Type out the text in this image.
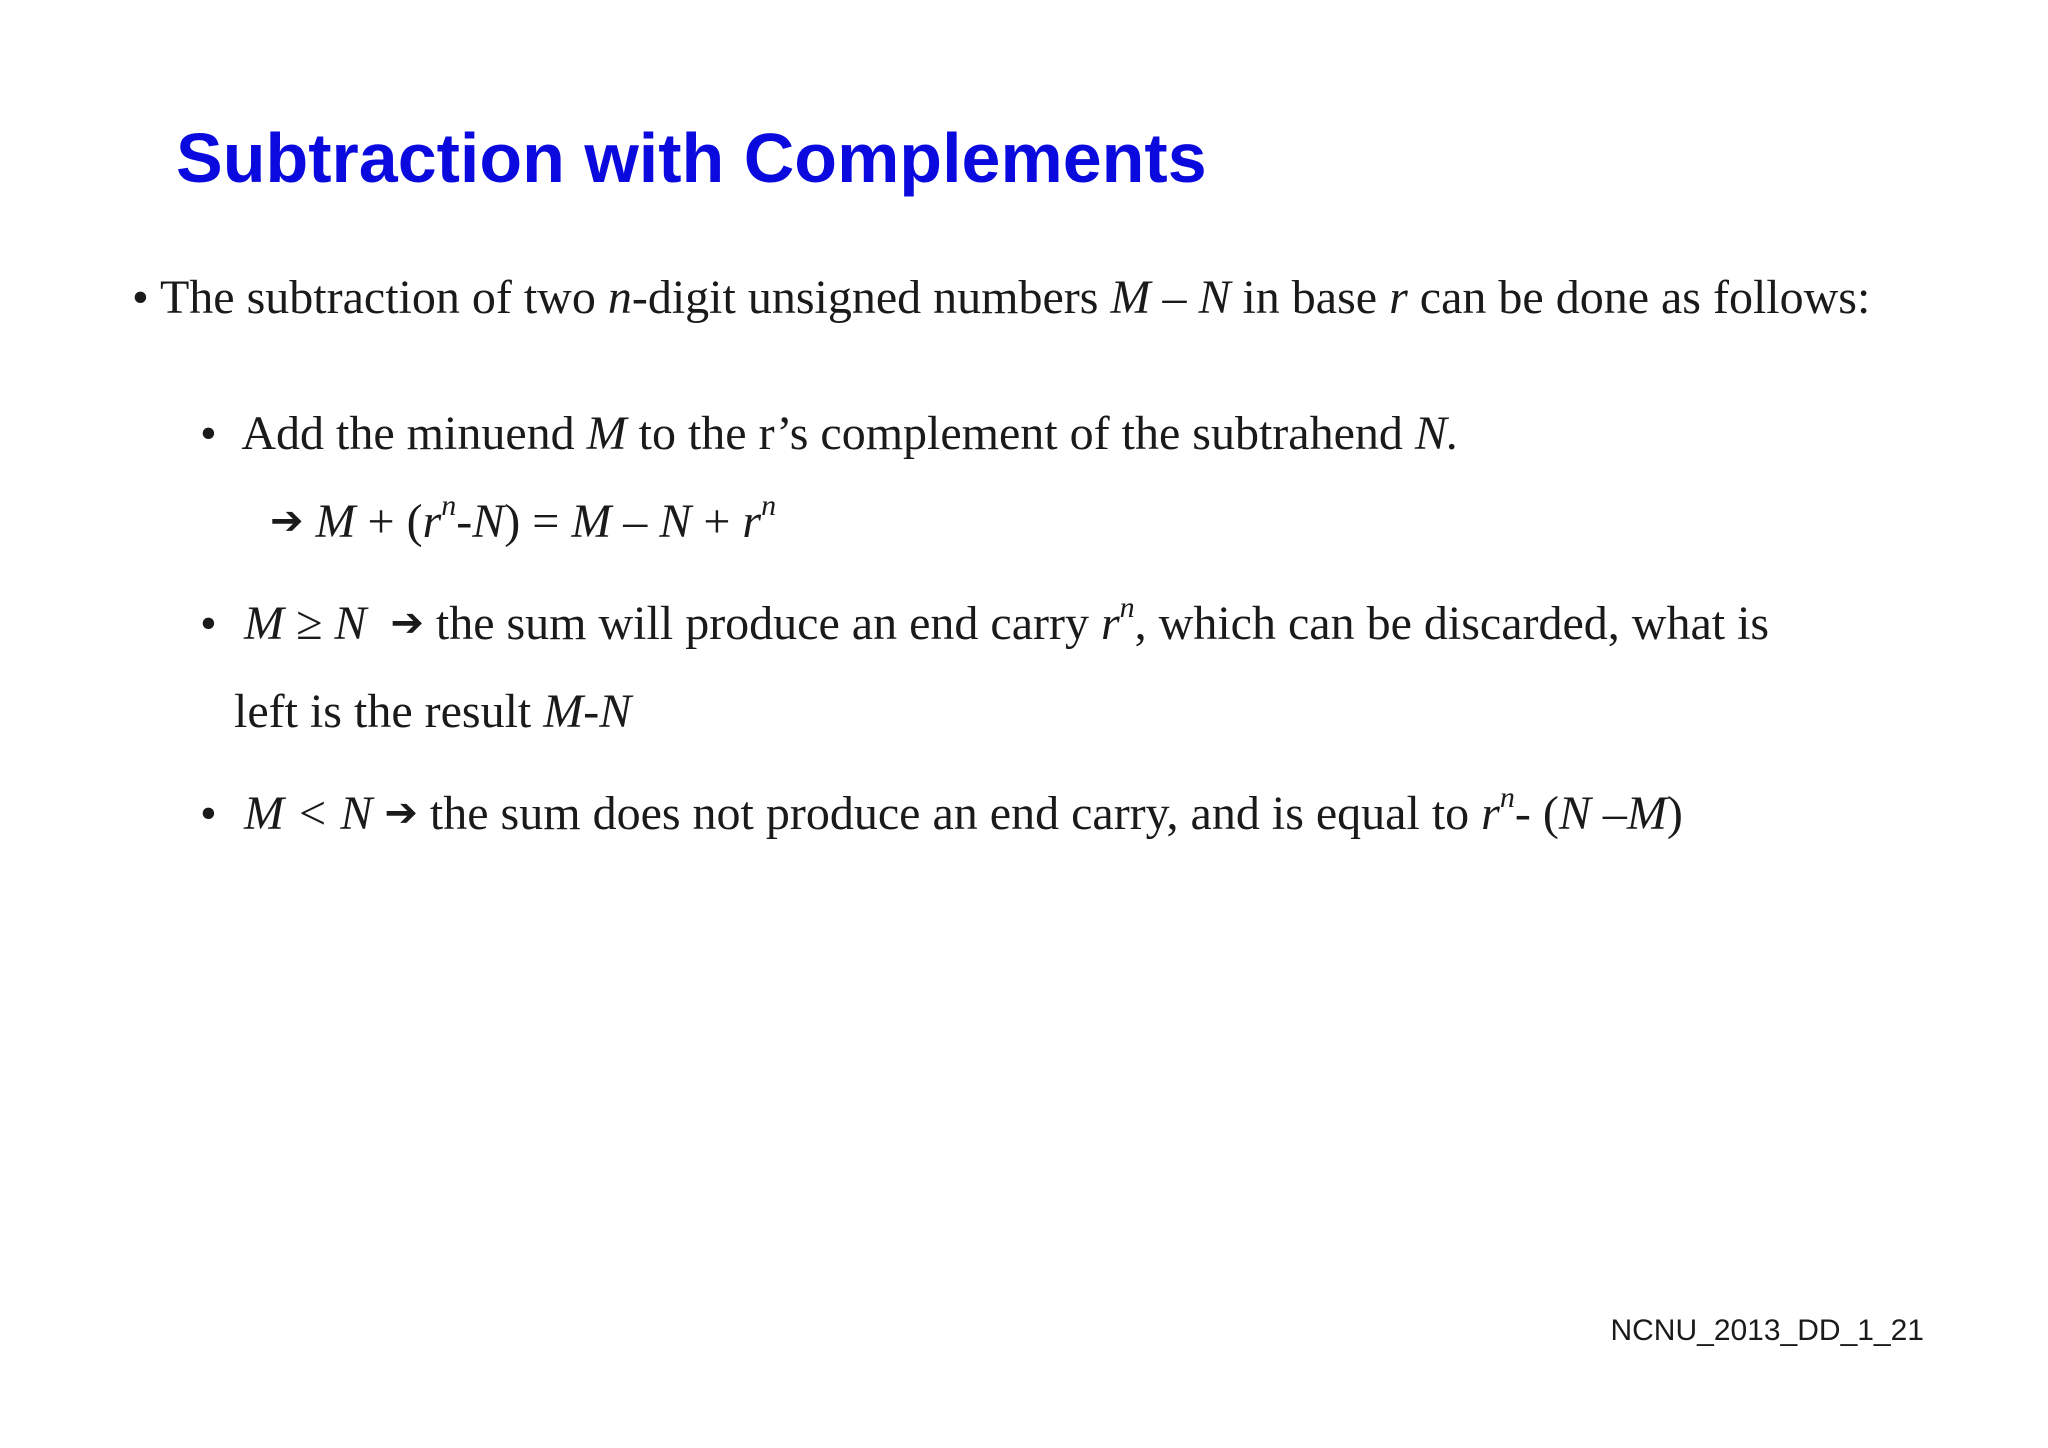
Subtraction with Complements
• The subtraction of two n-digit unsigned numbers M – N in base r can be done as follows:
• Add the minuend M to the r’s complement of the subtrahend N.
➔ $M + (r^n-N) = M - N + r^n$
• M ≥ N ➔ the sum will produce an end carry $r^n$, which can be discarded, what is
left is the result M-N
• M < N ➔ the sum does not produce an end carry, and is equal to $r^n-$ (N –M)
NCNU_2013_DD_1_21
